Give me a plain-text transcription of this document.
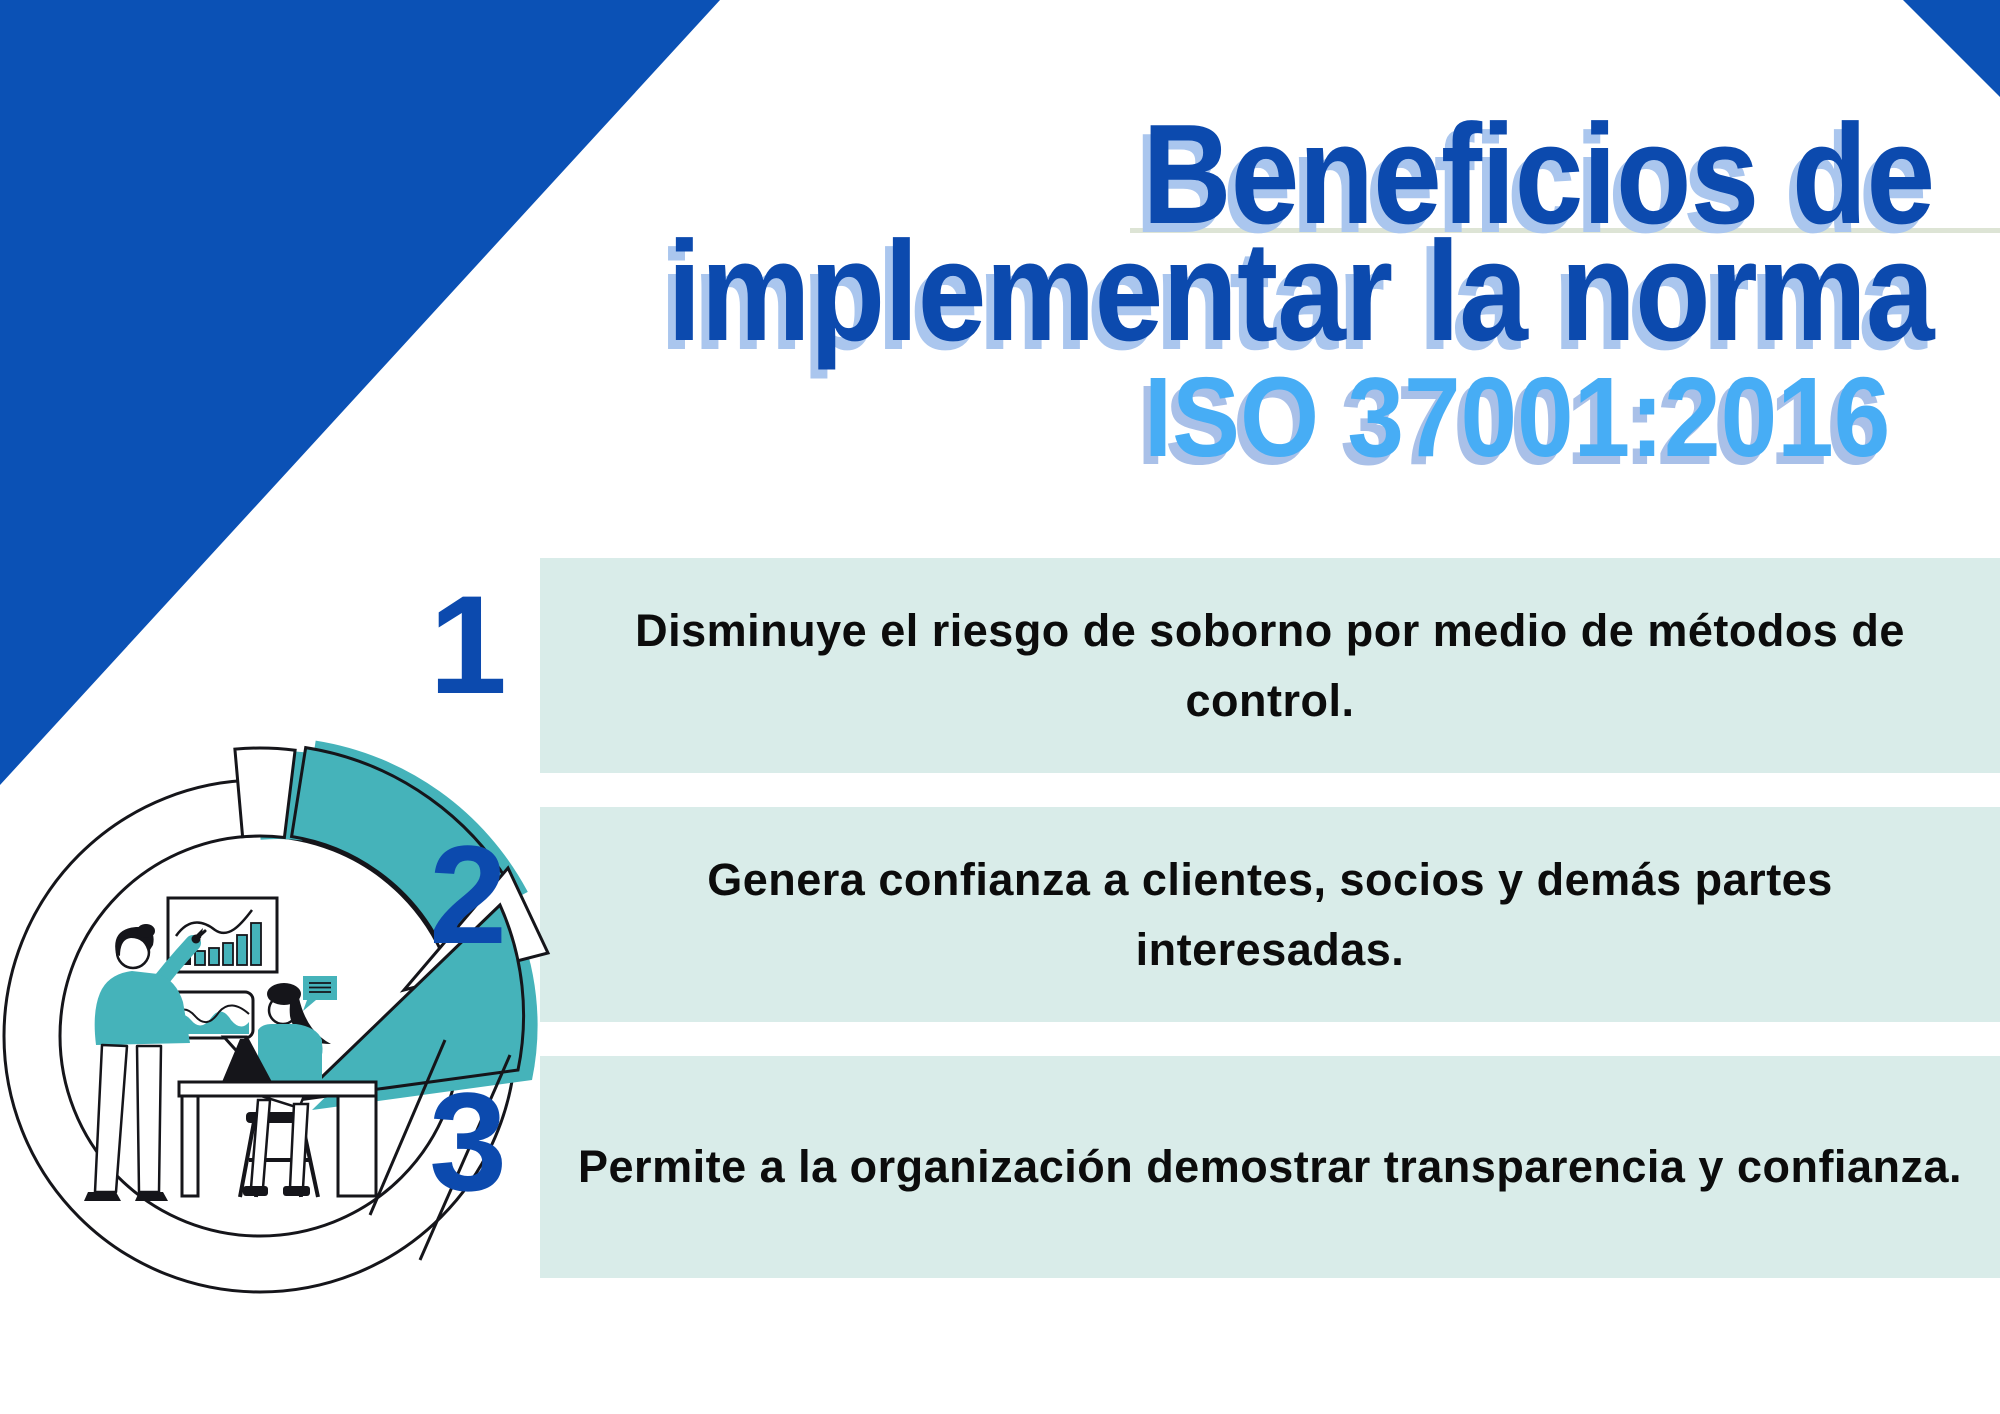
Beneficios de
implementar la norma
ISO 37001:2016
1	Disminuye el riesgo de soborno por medio de métodos de control.
2	Genera confianza a clientes, socios y demás partes interesadas.
3 Permite a la organización demostrar transparencia y confianza.
